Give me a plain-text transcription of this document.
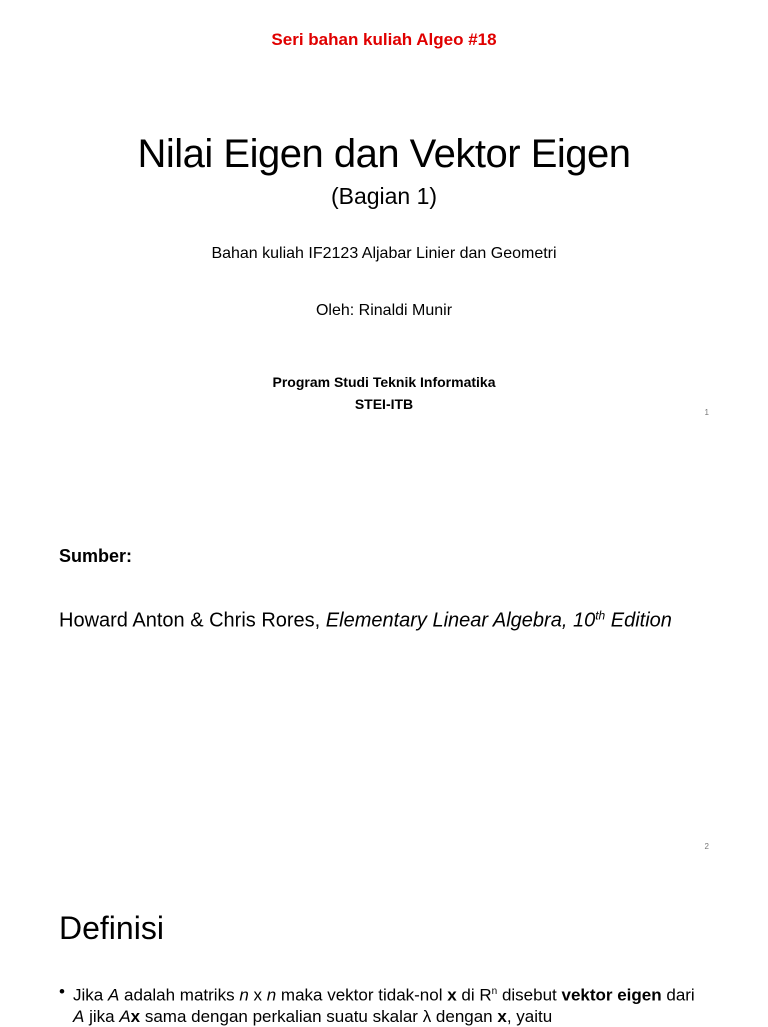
Seri bahan kuliah Algeo #18
Nilai Eigen dan Vektor Eigen
(Bagian 1)
Bahan kuliah IF2123 Aljabar Linier dan Geometri
Oleh: Rinaldi Munir
Program Studi Teknik Informatika
STEI-ITB
1
Sumber:
Howard Anton & Chris Rores, Elementary Linear Algebra, 10th Edition
2
Definisi
• Jika A adalah matriks n x n maka vektor tidak-nol x di $R^n$ disebut vektor eigen dari A jika Ax sama dengan perkalian suatu skalar λ dengan x, yaitu
